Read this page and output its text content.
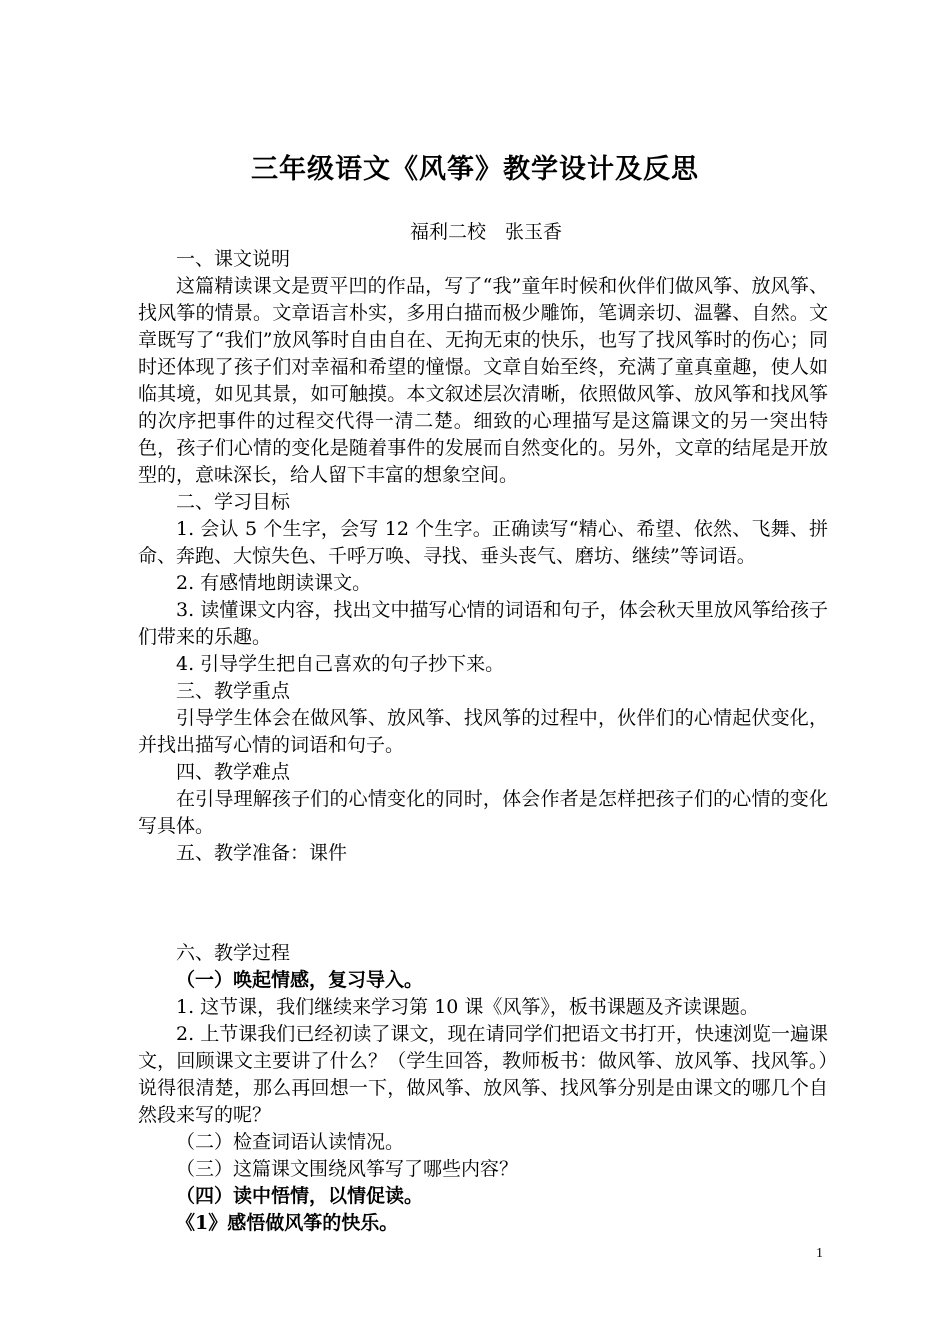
三年级语文《风筝》教学设计及反思
福利二校　张玉香

一、课文说明

这篇精读课文是贾平凹的作品，写了“我”童年时候和伙伴们做风筝、放风筝、找风筝的情景。文章语言朴实，多用白描而极少雕饰，笔调亲切、温馨、自然。文章既写了“我们”放风筝时自由自在、无拘无束的快乐，也写了找风筝时的伤心；同时还体现了孩子们对幸福和希望的憧憬。文章自始至终，充满了童真童趣，使人如临其境，如见其景，如可触摸。本文叙述层次清晰，依照做风筝、放风筝和找风筝的次序把事件的过程交代得一清二楚。细致的心理描写是这篇课文的另一突出特色，孩子们心情的变化是随着事件的发展而自然变化的。另外，文章的结尾是开放型的，意味深长，给人留下丰富的想象空间。

二、学习目标

1. 会认 5 个生字，会写 12 个生字。正确读写“精心、希望、依然、飞舞、拼命、奔跑、大惊失色、千呼万唤、寻找、垂头丧气、磨坊、继续”等词语。

2. 有感情地朗读课文。

3. 读懂课文内容，找出文中描写心情的词语和句子，体会秋天里放风筝给孩子们带来的乐趣。

4. 引导学生把自己喜欢的句子抄下来。

三、教学重点

引导学生体会在做风筝、放风筝、找风筝的过程中，伙伴们的心情起伏变化，并找出描写心情的词语和句子。

四、教学难点

在引导理解孩子们的心情变化的同时，体会作者是怎样把孩子们的心情的变化写具体。

五、教学准备：课件

六、教学过程

（一）唤起情感，复习导入。

1. 这节课，我们继续来学习第 10 课《风筝》，板书课题及齐读课题。

2. 上节课我们已经初读了课文，现在请同学们把语文书打开，快速浏览一遍课文，回顾课文主要讲了什么？（学生回答，教师板书：做风筝、放风筝、找风筝。）说得很清楚，那么再回想一下，做风筝、放风筝、找风筝分别是由课文的哪几个自然段来写的呢？

（二）检查词语认读情况。

（三）这篇课文围绕风筝写了哪些内容？

（四）读中悟情，以情促读。

《1》感悟做风筝的快乐。

1
